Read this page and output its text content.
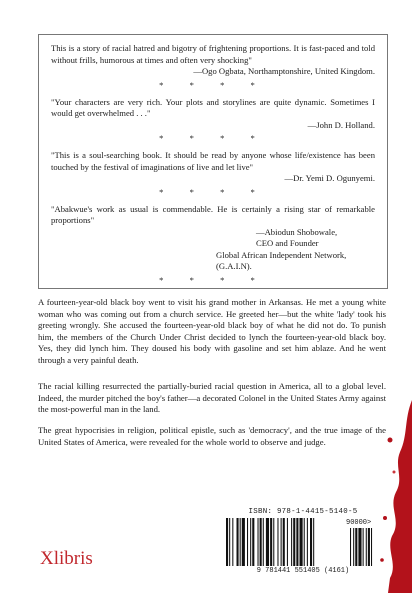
This is a story of racial hatred and bigotry of frightening proportions. It is fast-paced and told without frills, humorous at times and often very shocking"

—Ogo Ogbata, Northamptonshire, United Kingdom.

* * * *

"Your characters are very rich. Your plots and storylines are quite dynamic. Sometimes I would get overwhelmed . . ."

—John D. Holland.

* * * *

"This is a soul-searching book. It should be read by anyone whose life/existence has been touched by the festival of imaginations of live and let live"

—Dr. Yemi D. Ogunyemi.

* * * *

"Abakwue's work as usual is commendable. He is certainly a rising star of remarkable proportions"

—Abiodun Shobowale,
CEO and Founder
Global African Independent Network, (G.A.I.N).
* * * *

A fourteen-year-old black boy went to visit his grand mother in Arkansas. He met a young white woman who was coming out from a church service. He greeted her—but the white 'lady' took his greeting wrongly. She accused the fourteen-year-old black boy of what he did not do. To punish him, the members of the Church Under Christ decided to lynch the fourteen-year-old black boy. Yes, they did lynch him. They doused his body with gasoline and set him ablaze. And he went through a very painful death.

The racial killing resurrected the partially-buried racial question in America, all to a global level. Indeed, the murder pitched the boy's father—a decorated Colonel in the United States Army against the most-powerful man in the land.

The great hypocrisies in religion, political epistle, such as 'democracy', and the true image of the United States of America, were revealed for the whole world to observe and judge.

ISBN: 978-1-4415-5140-5
90000>
9 781441 551405 (4161)
Xlibris
